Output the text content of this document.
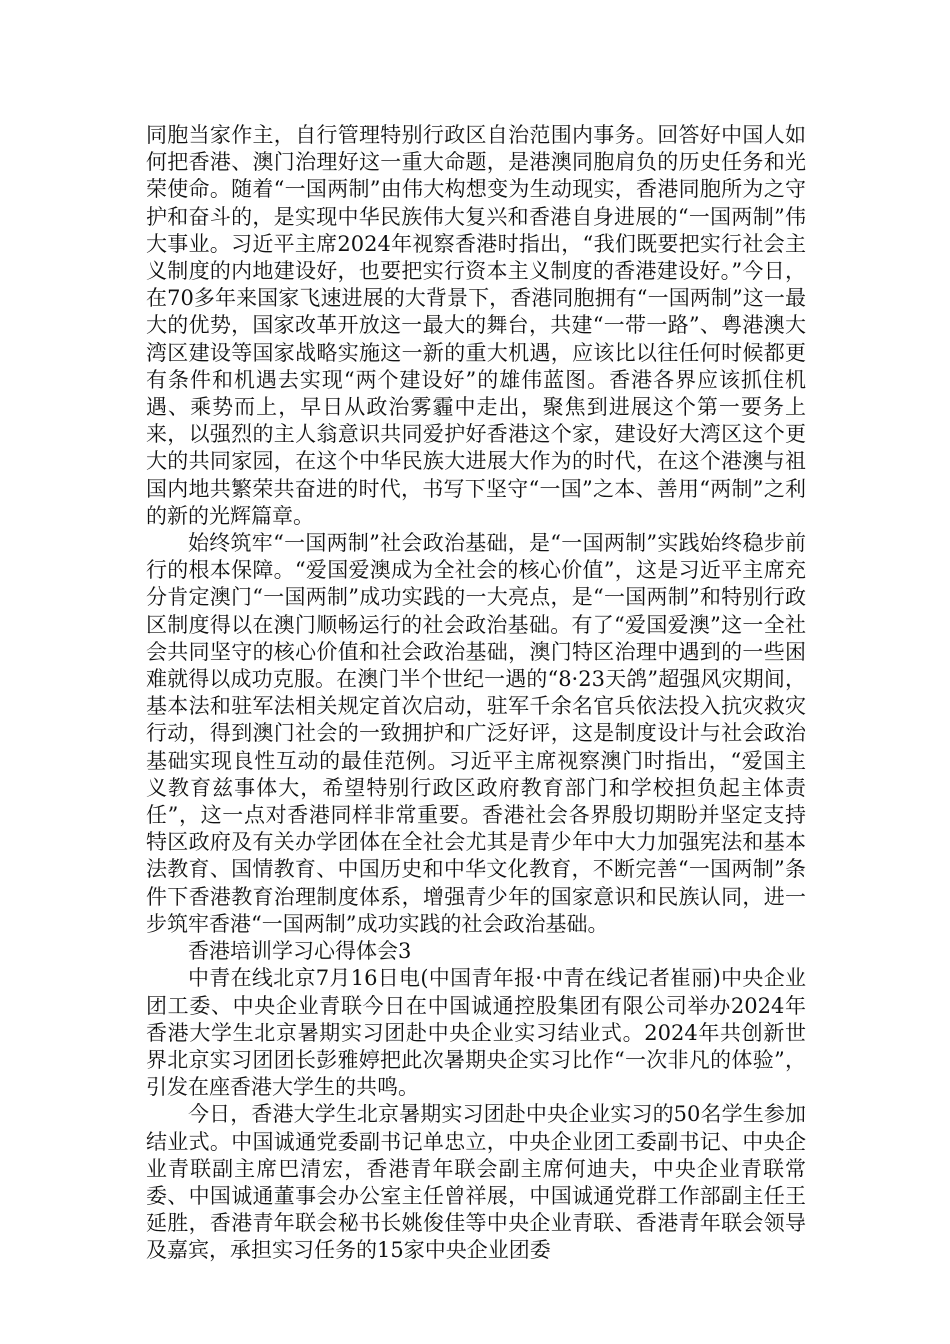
同胞当家作主，自行管理特别行政区自治范围内事务。回答好中国人如何把香港、澳门治理好这一重大命题，是港澳同胞肩负的历史任务和光荣使命。随着“一国两制”由伟大构想变为生动现实，香港同胞所为之守护和奋斗的，是实现中华民族伟大复兴和香港自身进展的“一国两制”伟大事业。习近平主席2024年视察香港时指出，“我们既要把实行社会主义制度的内地建设好，也要把实行资本主义制度的香港建设好。”今日，在70多年来国家飞速进展的大背景下，香港同胞拥有“一国两制”这一最大的优势，国家改革开放这一最大的舞台，共建“一带一路”、粤港澳大湾区建设等国家战略实施这一新的重大机遇，应该比以往任何时候都更有条件和机遇去实现“两个建设好”的雄伟蓝图。香港各界应该抓住机遇、乘势而上，早日从政治雾霾中走出，聚焦到进展这个第一要务上来，以强烈的主人翁意识共同爱护好香港这个家，建设好大湾区这个更大的共同家园，在这个中华民族大进展大作为的时代，在这个港澳与祖国内地共繁荣共奋进的时代，书写下坚守“一国”之本、善用“两制”之利的新的光辉篇章。

始终筑牢“一国两制”社会政治基础，是“一国两制”实践始终稳步前行的根本保障。“爱国爱澳成为全社会的核心价值”，这是习近平主席充分肯定澳门“一国两制”成功实践的一大亮点，是“一国两制”和特别行政区制度得以在澳门顺畅运行的社会政治基础。有了“爱国爱澳”这一全社会共同坚守的核心价值和社会政治基础，澳门特区治理中遇到的一些困难就得以成功克服。在澳门半个世纪一遇的“8·23天鸽”超强风灾期间，基本法和驻军法相关规定首次启动，驻军千余名官兵依法投入抗灾救灾行动，得到澳门社会的一致拥护和广泛好评，这是制度设计与社会政治基础实现良性互动的最佳范例。习近平主席视察澳门时指出，“爱国主义教育兹事体大，希望特别行政区政府教育部门和学校担负起主体责任”，这一点对香港同样非常重要。香港社会各界殷切期盼并坚定支持特区政府及有关办学团体在全社会尤其是青少年中大力加强宪法和基本法教育、国情教育、中国历史和中华文化教育，不断完善“一国两制”条件下香港教育治理制度体系，增强青少年的国家意识和民族认同，进一步筑牢香港“一国两制”成功实践的社会政治基础。

香港培训学习心得体会3

中青在线北京7月16日电(中国青年报·中青在线记者崔丽)中央企业团工委、中央企业青联今日在中国诚通控股集团有限公司举办2024年香港大学生北京暑期实习团赴中央企业实习结业式。2024年共创新世界北京实习团团长彭雅婷把此次暑期央企实习比作“一次非凡的体验”，引发在座香港大学生的共鸣。

今日，香港大学生北京暑期实习团赴中央企业实习的50名学生参加结业式。中国诚通党委副书记单忠立，中央企业团工委副书记、中央企业青联副主席巴清宏，香港青年联会副主席何迪夫，中央企业青联常委、中国诚通董事会办公室主任曾祥展，中国诚通党群工作部副主任王延胜，香港青年联会秘书长姚俊佳等中央企业青联、香港青年联会领导及嘉宾，承担实习任务的15家中央企业团委
